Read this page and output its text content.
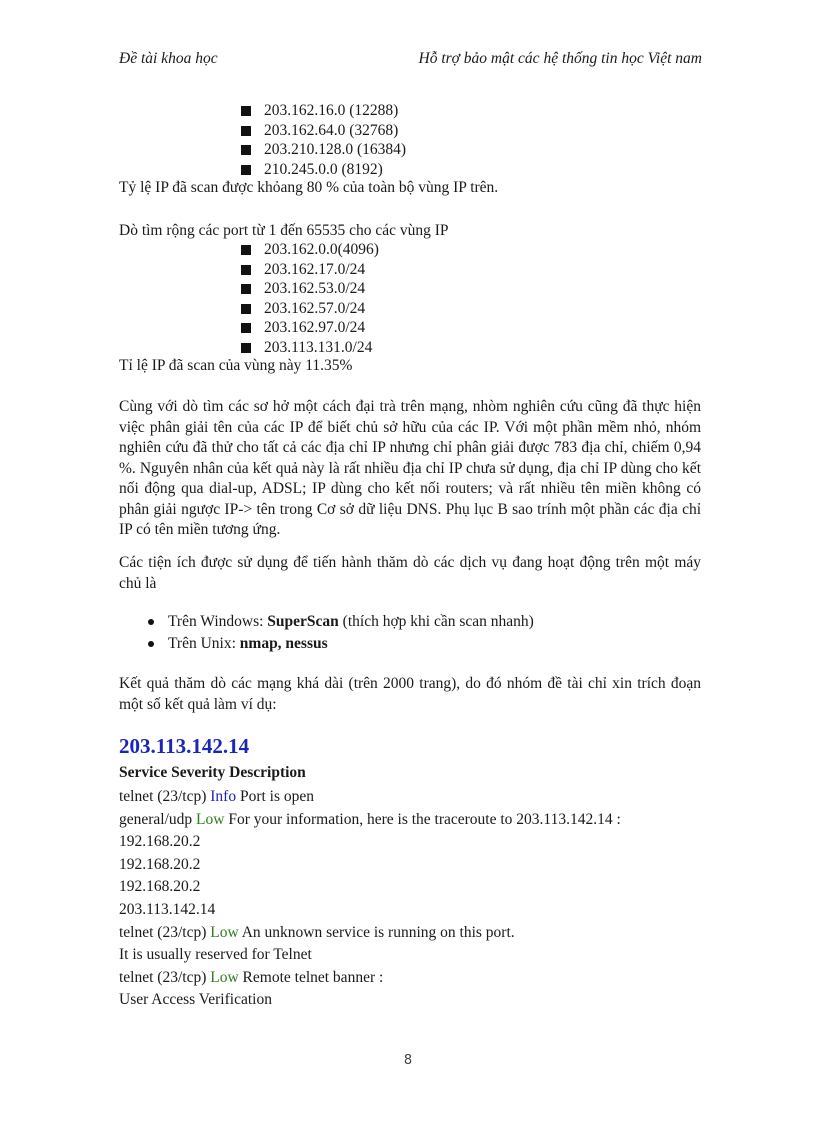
Đề tài khoa học	Hỗ trợ bảo mật các hệ thống tin học Việt nam
203.162.16.0 (12288)
203.162.64.0 (32768)
203.210.128.0 (16384)
210.245.0.0 (8192)
Tỷ lệ IP đã scan được khỏang 80 % của toàn bộ vùng IP trên.
Dò tìm rộng các port từ 1 đến 65535 cho các vùng IP
203.162.0.0(4096)
203.162.17.0/24
203.162.53.0/24
203.162.57.0/24
203.162.97.0/24
203.113.131.0/24
Tỉ lệ IP đã scan của vùng này 11.35%
Cùng với dò tìm các sơ hở một cách đại trà trên mạng, nhòm nghiên cứu cũng đã thực hiện việc phân giải tên của các IP để biết chủ sở hữu của các IP. Với một phần mềm nhỏ, nhóm nghiên cứu đã thử cho tất cả các địa chỉ IP nhưng chỉ phân giải được 783 địa chỉ, chiếm 0,94 %. Nguyên nhân của kết quả này là rất nhiều địa chỉ IP chưa sử dụng, địa chỉ IP dùng cho kết nối động qua dial-up, ADSL; IP dùng cho kết nối routers; và rất nhiều tên miền không có phân giải ngược IP-> tên trong Cơ sở dữ liệu DNS. Phụ lục B sao trính một phần các địa chỉ IP có tên miền tương ứng.
Các tiện ích được sử dụng để tiến hành thăm dò các dịch vụ đang hoạt động trên một máy chủ là
Trên Windows: SuperScan (thích hợp khi cần scan nhanh)
Trên Unix: nmap, nessus
Kết quả thăm dò các mạng khá dài (trên 2000 trang), do đó nhóm đề tài chỉ xin trích đoạn một số kết quả làm ví dụ:
203.113.142.14
Service Severity Description
telnet (23/tcp) Info Port is open
general/udp Low For your information, here is the traceroute to 203.113.142.14 :
192.168.20.2
192.168.20.2
192.168.20.2
203.113.142.14
telnet (23/tcp) Low An unknown service is running on this port.
It is usually reserved for Telnet
telnet (23/tcp) Low Remote telnet banner :
User Access Verification
8
